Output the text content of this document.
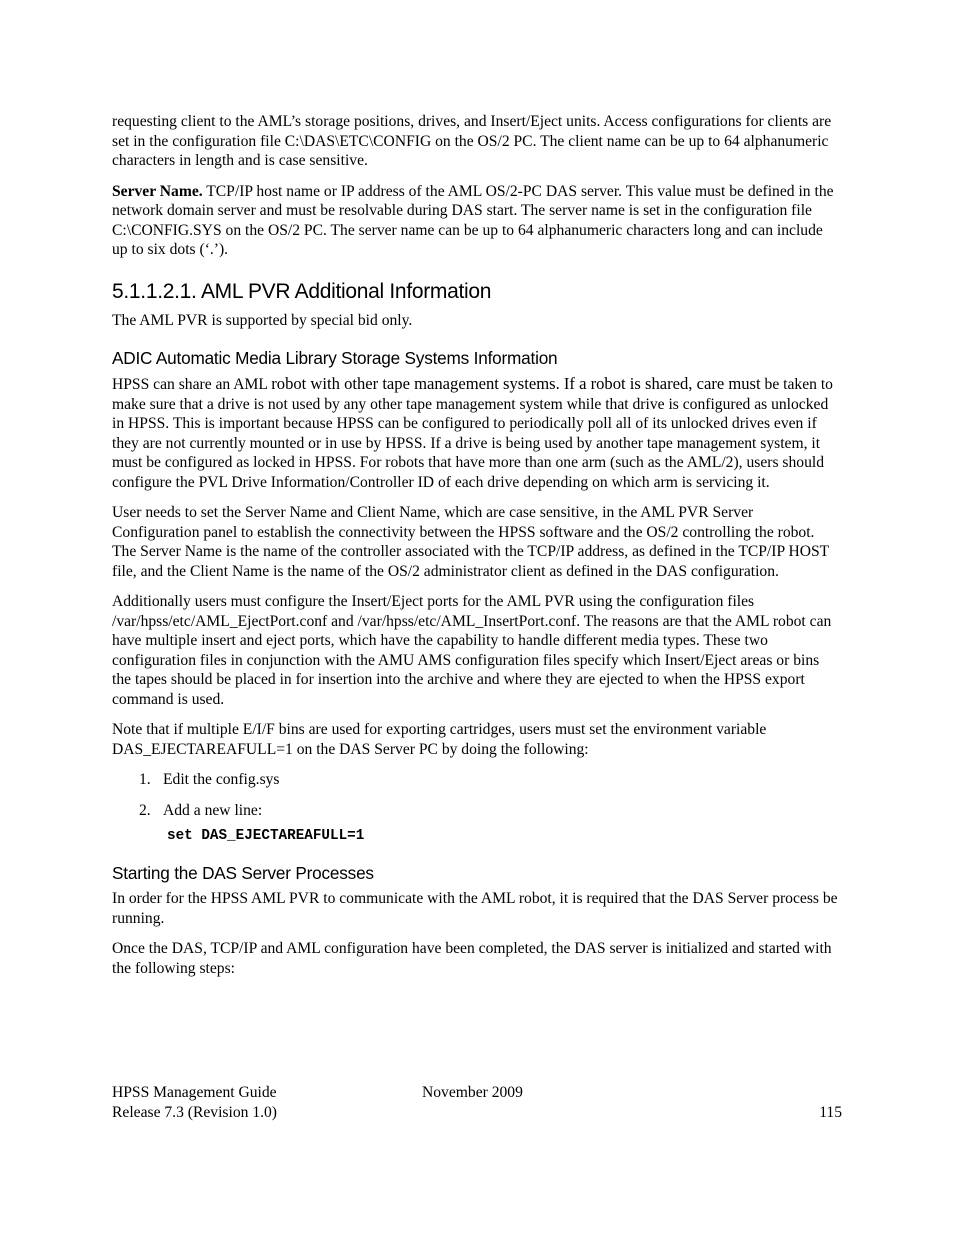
requesting client to the AML’s storage positions, drives, and Insert/Eject units. Access configurations for clients are set in the configuration file C:\DAS\ETC\CONFIG on the OS/2 PC. The client name can be up to 64 alphanumeric characters in length and is case sensitive.

Server Name. TCP/IP host name or IP address of the AML OS/2-PC DAS server. This value must be defined in the network domain server and must be resolvable during DAS start. The server name is set in the configuration file C:\CONFIG.SYS on the OS/2 PC. The server name can be up to 64 alphanumeric characters long and can include up to six dots (‘.’).

5.1.1.2.1. AML PVR Additional Information

The AML PVR is supported by special bid only.

ADIC Automatic Media Library Storage Systems Information

HPSS can share an AML robot with other tape management systems. If a robot is shared, care must be taken to make sure that a drive is not used by any other tape management system while that drive is configured as unlocked in HPSS. This is important because HPSS can be configured to periodically poll all of its unlocked drives even if they are not currently mounted or in use by HPSS. If a drive is being used by another tape management system, it must be configured as locked in HPSS. For robots that have more than one arm (such as the AML/2), users should configure the PVL Drive Information/Controller ID of each drive depending on which arm is servicing it.

User needs to set the Server Name and Client Name, which are case sensitive, in the AML PVR Server Configuration panel to establish the connectivity between the HPSS software and the OS/2 controlling the robot. The Server Name is the name of the controller associated with the TCP/IP address, as defined in the TCP/IP HOST file, and the Client Name is the name of the OS/2 administrator client as defined in the DAS configuration.

Additionally users must configure the Insert/Eject ports for the AML PVR using the configuration files /var/hpss/etc/AML_EjectPort.conf and /var/hpss/etc/AML_InsertPort.conf. The reasons are that the AML robot can have multiple insert and eject ports, which have the capability to handle different media types. These two configuration files in conjunction with the AMU AMS configuration files specify which Insert/Eject areas or bins the tapes should be placed in for insertion into the archive and where they are ejected to when the HPSS export command is used.

Note that if multiple E/I/F bins are used for exporting cartridges, users must set the environment variable DAS_EJECTAREAFULL=1 on the DAS Server PC by doing the following:

1. Edit the config.sys
2. Add a new line:
set DAS_EJECTAREAFULL=1
Starting the DAS Server Processes

In order for the HPSS AML PVR to communicate with the AML robot, it is required that the DAS Server process be running.

Once the DAS, TCP/IP and AML configuration have been completed, the DAS server is initialized and started with the following steps:

HPSS Management Guide	November 2009
Release 7.3 (Revision 1.0)	115
